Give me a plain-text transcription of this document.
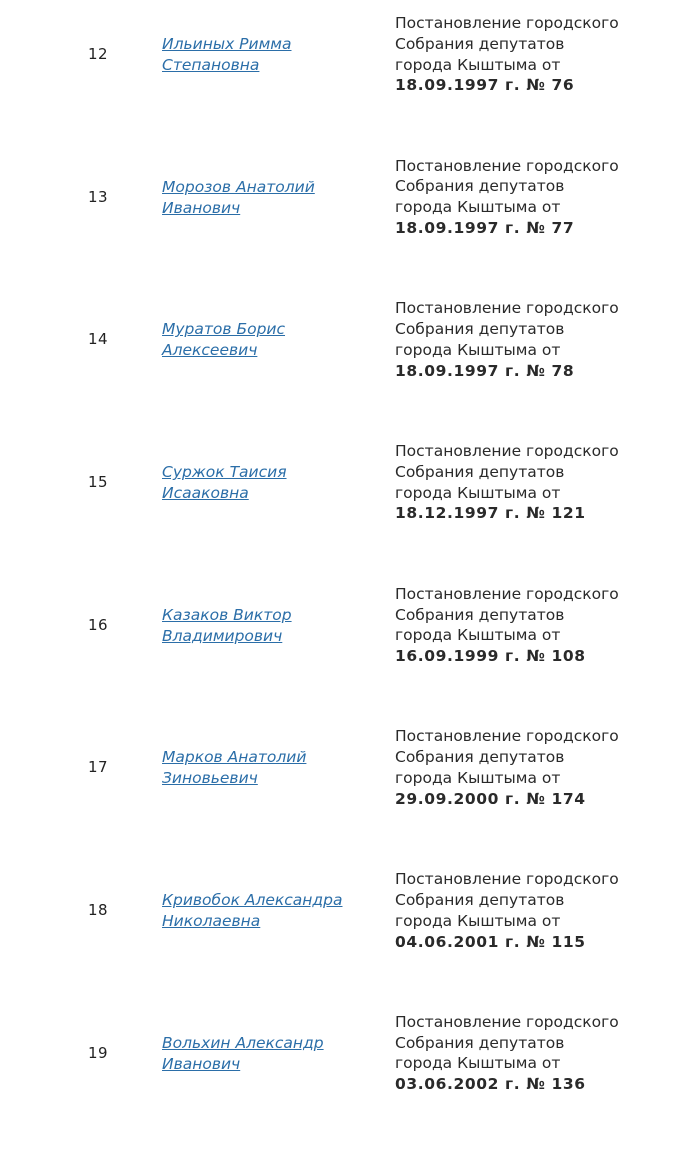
12
Ильиных Римма Степановна
Постановление городского
Собрания депутатов
города Кыштыма от
18.09.1997 г. № 76
13
Морозов Анатолий Иванович
Постановление городского
Собрания депутатов
города Кыштыма от
18.09.1997 г. № 77
14
Муратов Борис Алексеевич
Постановление городского
Собрания депутатов
города Кыштыма от
18.09.1997 г. № 78
15
Суржок Таисия Исааковна
Постановление городского
Собрания депутатов
города Кыштыма от
18.12.1997 г. № 121
16
Казаков Виктор Владимирович
Постановление городского
Собрания депутатов
города Кыштыма от
16.09.1999 г. № 108
17
Марков Анатолий Зиновьевич
Постановление городского
Собрания депутатов
города Кыштыма от
29.09.2000 г. № 174
18
Кривобок Александра Николаевна
Постановление городского
Собрания депутатов
города Кыштыма от
04.06.2001 г. № 115
19
Вольхин Александр Иванович
Постановление городского
Собрания депутатов
города Кыштыма от
03.06.2002 г. № 136
